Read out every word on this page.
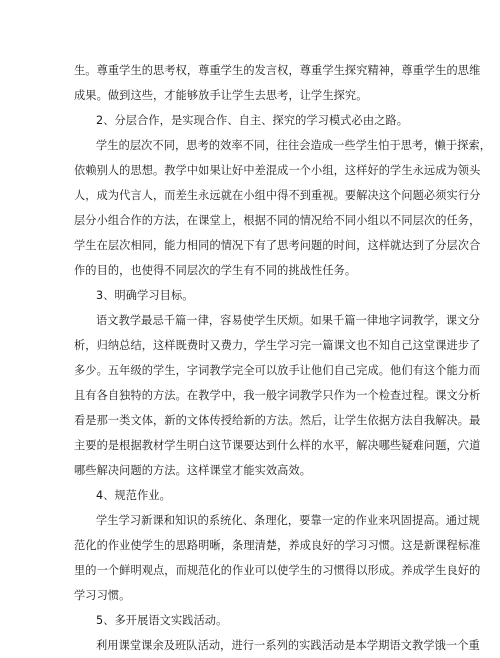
生。尊重学生的思考权，尊重学生的发言权，尊重学生探究精神，尊重学生的思维
成果。做到这些，才能够放手让学生去思考，让学生探究。
2、分层合作，是实现合作、自主、探究的学习模式必由之路。
学生的层次不同，思考的效率不同，往往会造成一些学生怕于思考，懒于探索，
依赖别人的思想。教学中如果让好中差混成一个小组，这样好的学生永远成为领头
人，成为代言人，而差生永远就在小组中得不到重视。要解决这个问题必须实行分
层分小组合作的方法，在课堂上，根据不同的情况给不同小组以不同层次的任务，
学生在层次相同，能力相同的情况下有了思考问题的时间，这样就达到了分层次合
作的目的，也使得不同层次的学生有不同的挑战性任务。
3、明确学习目标。
语文教学最忌千篇一律，容易使学生厌烦。如果千篇一律地字词教学，课文分
析，归纳总结，这样既费时又费力，学生学习完一篇课文也不知自己这堂课进步了
多少。五年级的学生，字词教学完全可以放手让他们自己完成。他们有这个能力而
且有各自独特的方法。在教学中，我一般字词教学只作为一个检查过程。课文分析
看是那一类文体，新的文体传授给新的方法。然后，让学生依据方法自我解决。最
主要的是根据教材学生明白这节课要达到什么样的水平，解决哪些疑难问题，穴道
哪些解决问题的方法。这样课堂才能实效高效。
4、规范作业。
学生学习新课和知识的系统化、条理化，要靠一定的作业来巩固提高。通过规
范化的作业使学生的思路明晰，条理清楚，养成良好的学习习惯。这是新课程标准
里的一个鲜明观点，而规范化的作业可以使学生的习惯得以形成。养成学生良好的
学习习惯。
5、多开展语文实践活动。
利用课堂课余及班队活动，进行一系列的实践活动是本学期语文教学饿一个重
